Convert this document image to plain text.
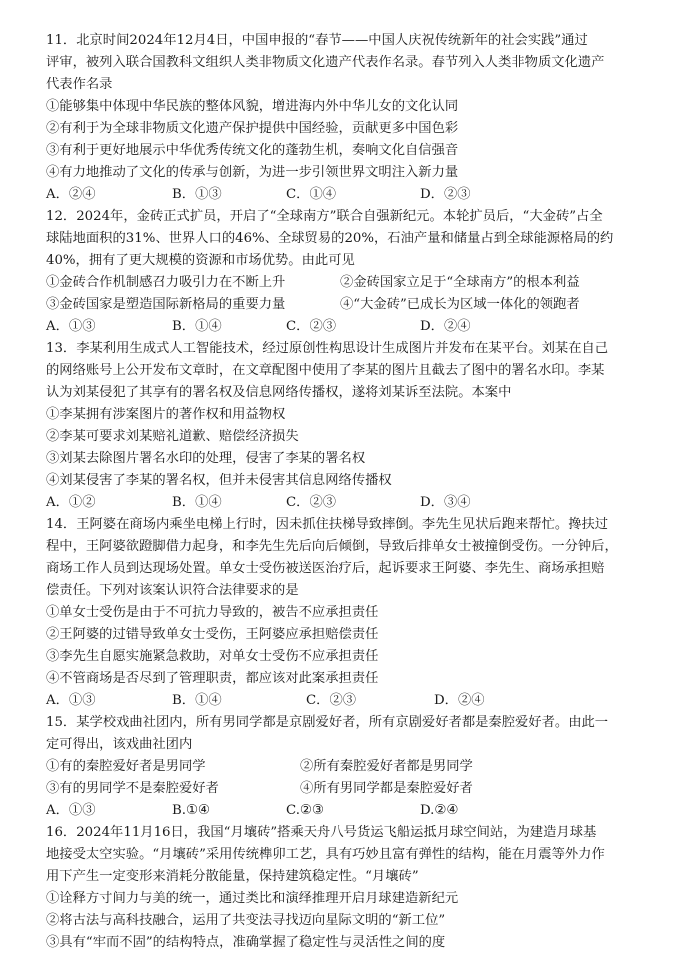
11．北京时间2024年12月4日，中国申报的“春节——中国人庆祝传统新年的社会实践”通过
评审，被列入联合国教科文组织人类非物质文化遗产代表作名录。春节列入人类非物质文化遗产
代表作名录
①能够集中体现中华民族的整体风貌，增进海内外中华儿女的文化认同
②有利于为全球非物质文化遗产保护提供中国经验，贡献更多中国色彩
③有利于更好地展示中华优秀传统文化的蓬勃生机，奏响文化自信强音
④有力地推动了文化的传承与创新，为进一步引领世界文明注入新力量
A．②④	B．①③	C．①④	D．②③
12．2024年，金砖正式扩员，开启了“全球南方”联合自强新纪元。本轮扩员后，“大金砖”占全
球陆地面积的31%、世界人口的46%、全球贸易的20%，石油产量和储量占到全球能源格局的约
40%，拥有了更大规模的资源和市场优势。由此可见
①金砖合作机制感召力吸引力在不断上升	②金砖国家立足于“全球南方”的根本利益
③金砖国家是塑造国际新格局的重要力量	④“大金砖”已成长为区域一体化的领跑者
A．①③	B．①④	C．②③	D．②④
13．李某利用生成式人工智能技术，经过原创性构思设计生成图片并发布在某平台。刘某在自己
的网络账号上公开发布文章时，在文章配图中使用了李某的图片且截去了图中的署名水印。李某
认为刘某侵犯了其享有的署名权及信息网络传播权，遂将刘某诉至法院。本案中
①李某拥有涉案图片的著作权和用益物权
②李某可要求刘某赔礼道歉、赔偿经济损失
③刘某去除图片署名水印的处理，侵害了李某的署名权
④刘某侵害了李某的署名权，但并未侵害其信息网络传播权
A．①②	B．①④	C．②③	D．③④
14．王阿婆在商场内乘坐电梯上行时，因未抓住扶梯导致摔倒。李先生见状后跑来帮忙。搀扶过
程中，王阿婆欲蹬脚借力起身，和李先生先后向后倾倒，导致后排单女士被撞倒受伤。一分钟后，
商场工作人员到达现场处置。单女士受伤被送医治疗后，起诉要求王阿婆、李先生、商场承担赔
偿责任。下列对该案认识符合法律要求的是
①单女士受伤是由于不可抗力导致的，被告不应承担责任
②王阿婆的过错导致单女士受伤，王阿婆应承担赔偿责任
③李先生自愿实施紧急救助，对单女士受伤不应承担责任
④不管商场是否尽到了管理职责，都应该对此案承担责任
A．①③	B．①④	C．②③	D．②④
15．某学校戏曲社团内，所有男同学都是京剧爱好者，所有京剧爱好者都是秦腔爱好者。由此一
定可得出，该戏曲社团内
①有的秦腔爱好者是男同学	②所有秦腔爱好者都是男同学
③有的男同学不是秦腔爱好者	④所有男同学都是秦腔爱好者
A．①③	B.①④	C.②③	D.②④
16．2024年11月16日，我国“月壤砖”搭乘天舟八号货运飞船运抵月球空间站，为建造月球基
地接受太空实验。“月壤砖”采用传统榫卯工艺，具有巧妙且富有弹性的结构，能在月震等外力作
用下产生一定变形来消耗分散能量，保持建筑稳定性。“月壤砖”
①诠释方寸间力与美的统一，通过类比和演绎推理开启月球建造新纪元
②将古法与高科技融合，运用了共变法寻找迈向星际文明的“新工位”
③具有“牢而不固”的结构特点，准确掌握了稳定性与灵活性之间的度
